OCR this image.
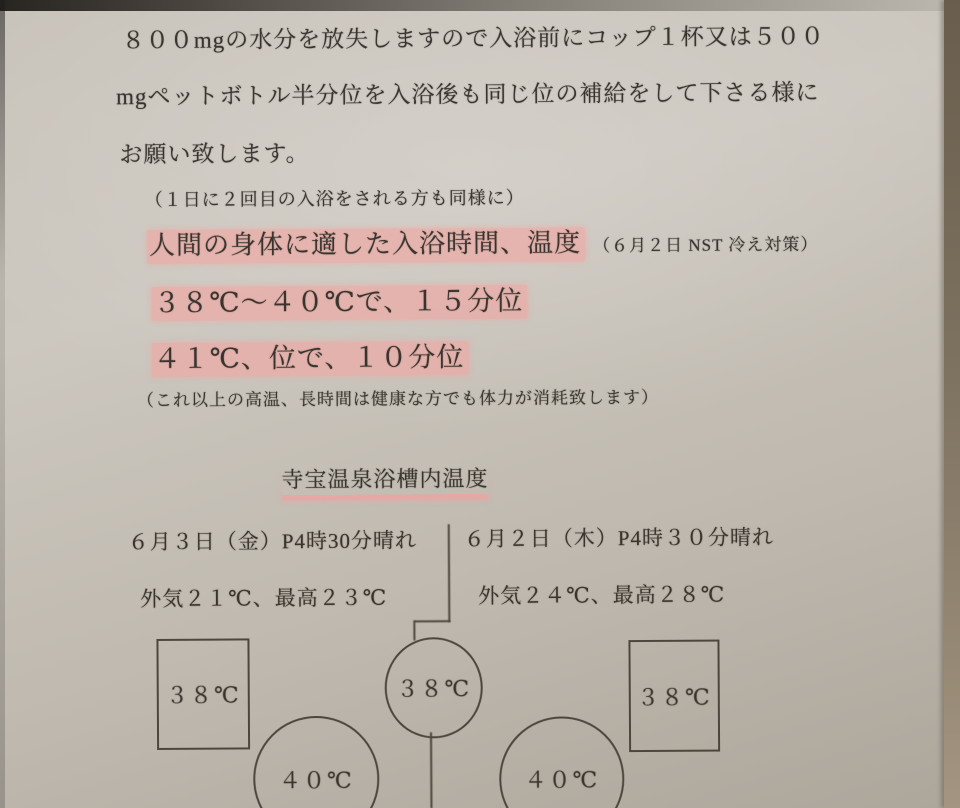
８００mgの水分を放失しますので入浴前にコップ１杯又は５００
mgペットボトル半分位を入浴後も同じ位の補給をして下さる様に
お願い致します。
（１日に２回目の入浴をされる方も同様に）
人間の身体に適した入浴時間、温度 （６月２日 NST 冷え対策）
３８℃～４０℃で、１５分位
４１℃、位で、１０分位
（これ以上の高温、長時間は健康な方でも体力が消耗致します）
寺宝温泉浴槽内温度
６月３日（金）P4時30分晴れ ６月２日（木）P4時３０分晴れ
外気２１℃、最高２３℃	外気２４℃、最高２８℃
３８℃	３８℃	３８℃
４０℃	４０℃
